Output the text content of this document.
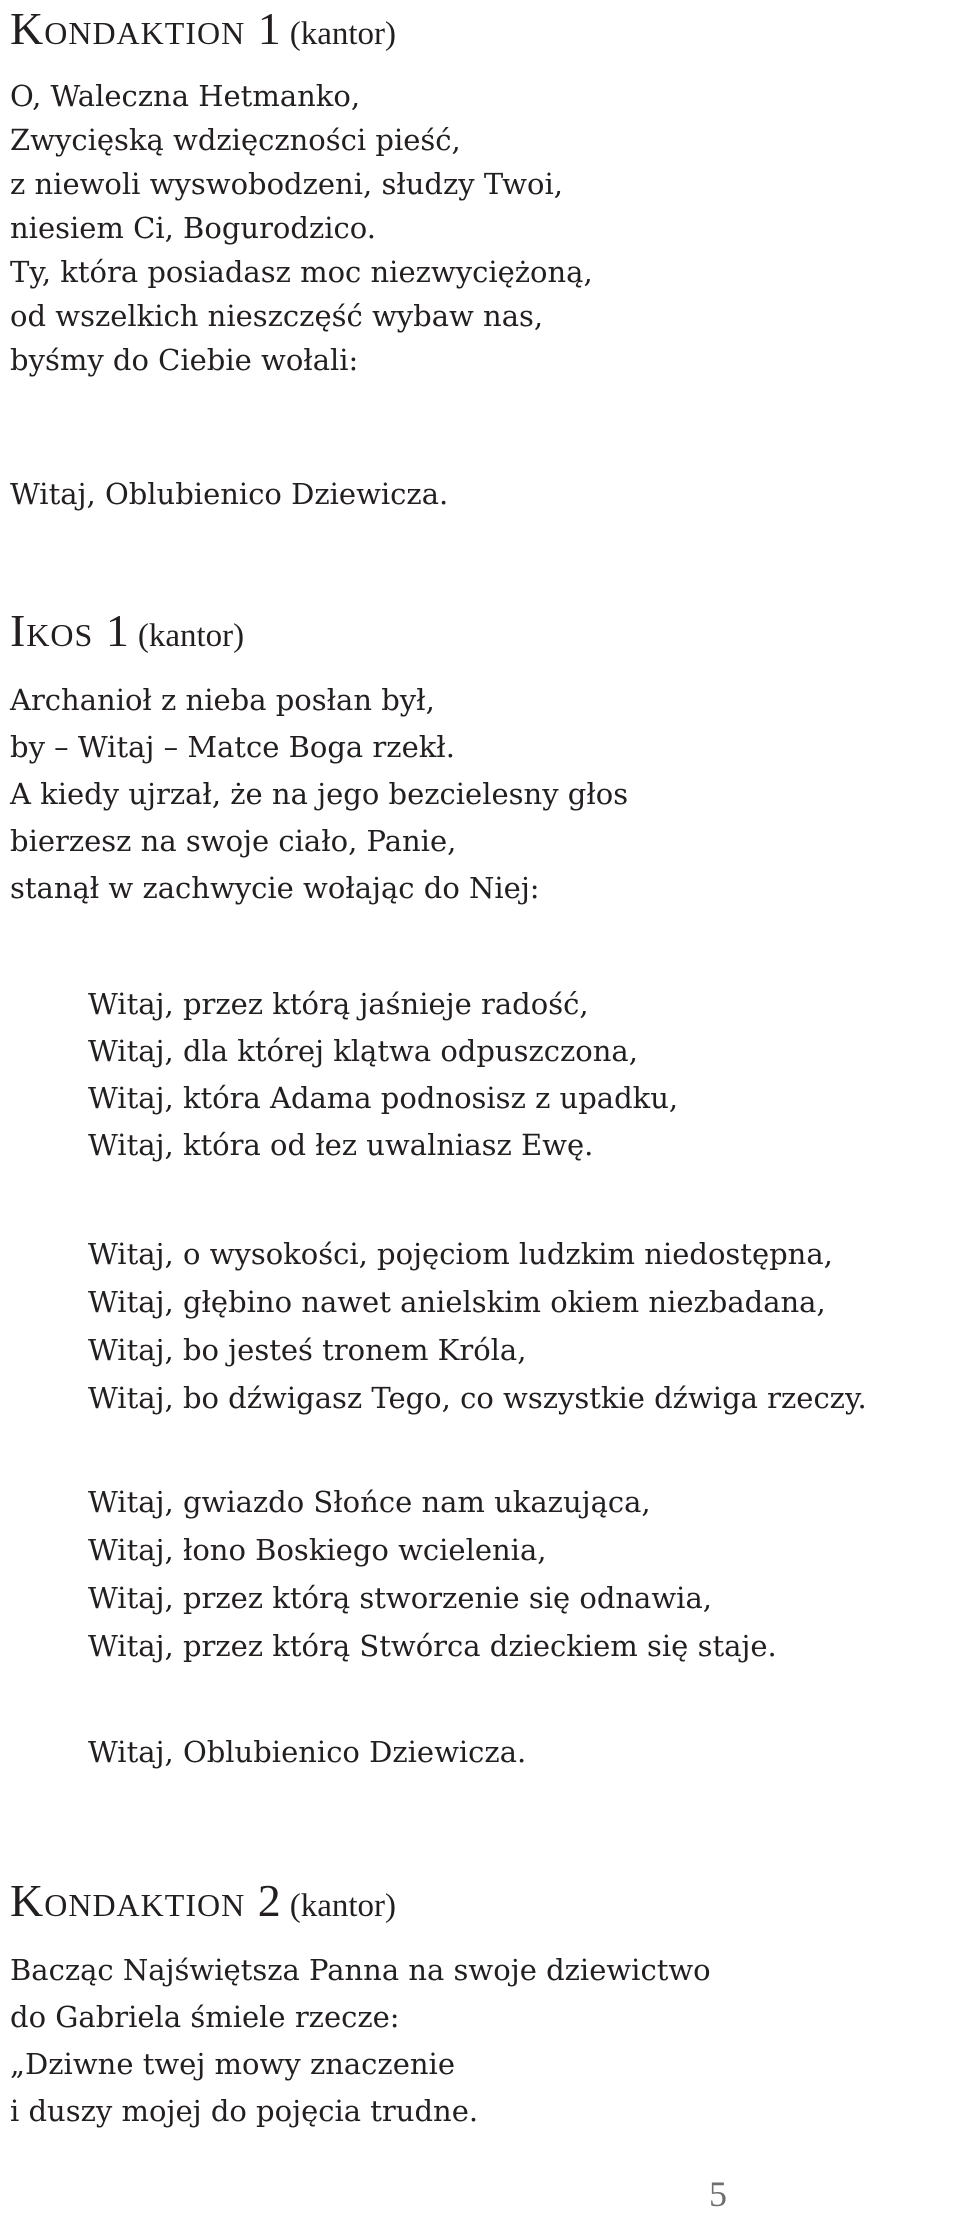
Kondaktion 1 (kantor)
O, Waleczna Hetmanko,
Zwycięską wdzięczności pieść,
z niewoli wyswobodzeni, słudzy Twoi,
niesiem Ci, Bogurodzico.
Ty, która posiadasz moc niezwyciężoną,
od wszelkich nieszczęść wybaw nas,
byśmy do Ciebie wołali:
Witaj, Oblubienico Dziewicza.
Ikos 1 (kantor)
Archanioł z nieba posłan był,
by – Witaj – Matce Boga rzekł.
A kiedy ujrzał, że na jego bezcielesny głos
bierzesz na swoje ciało, Panie,
stanął w zachwycie wołając do Niej:
Witaj, przez którą jaśnieje radość,
Witaj, dla której klątwa odpuszczona,
Witaj, która Adama podnosisz z upadku,
Witaj, która od łez uwalniasz Ewę.
Witaj, o wysokości, pojęciom ludzkim niedostępna,
Witaj, głębino nawet anielskim okiem niezbadana,
Witaj, bo jesteś tronem Króla,
Witaj, bo dźwigasz Tego, co wszystkie dźwiga rzeczy.
Witaj, gwiazdo Słońce nam ukazująca,
Witaj, łono Boskiego wcielenia,
Witaj, przez którą stworzenie się odnawia,
Witaj, przez którą Stwórca dzieckiem się staje.
Witaj, Oblubienico Dziewicza.
Kondaktion 2 (kantor)
Bacząc Najświętsza Panna na swoje dziewictwo
do Gabriela śmiele rzecze:
„Dziwne twej mowy znaczenie
i duszy mojej do pojęcia trudne.
5
